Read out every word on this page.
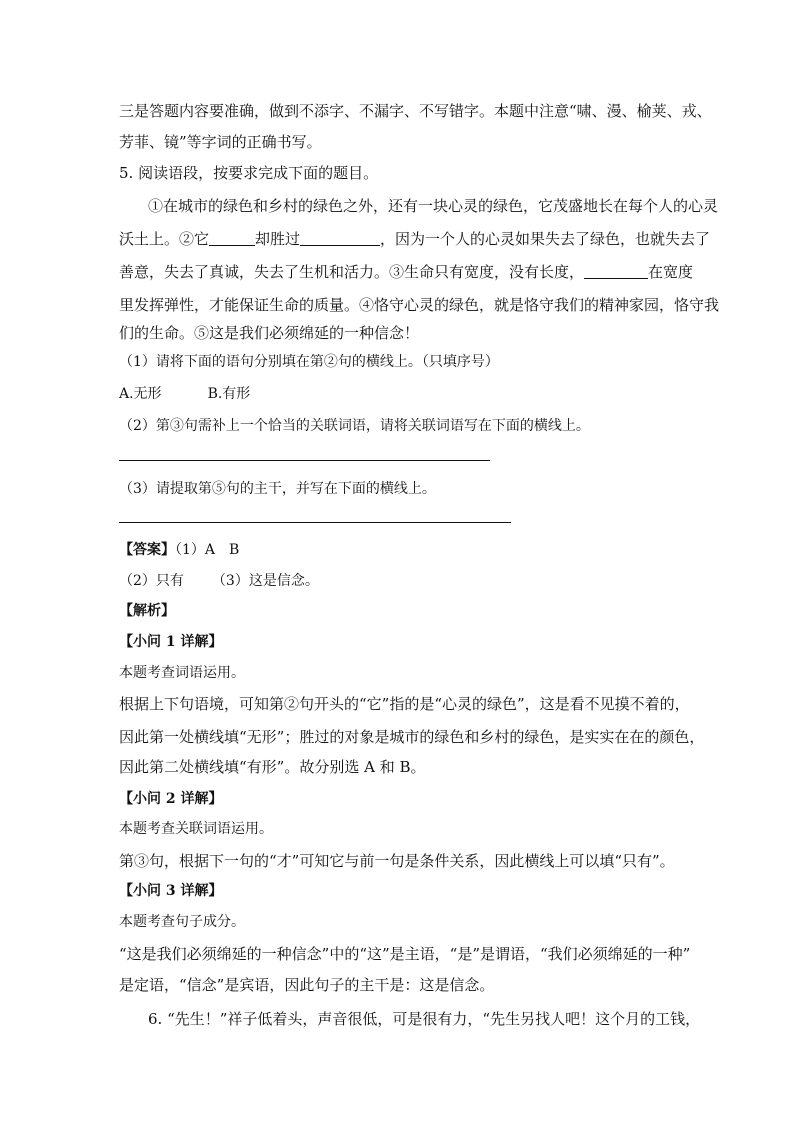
三是答题内容要准确，做到不添字、不漏字、不写错字。本题中注意“啸、漫、榆荚、戎、
芳菲、镜”等字词的正确书写。
5. 阅读语段，按要求完成下面的题目。
①在城市的绿色和乡村的绿色之外，还有一块心灵的绿色，它茂盛地长在每个人的心灵
沃土上。②它	却胜过	，因为一个人的心灵如果失去了绿色，也就失去了
善意，失去了真诚，失去了生机和活力。③生命只有宽度，没有长度，	在宽度
里发挥弹性，才能保证生命的质量。④恪守心灵的绿色，就是恪守我们的精神家园，恪守我
们的生命。⑤这是我们必须绵延的一种信念！
（1）请将下面的语句分别填在第②句的横线上。（只填序号）
A.无形	B.有形
（2）第③句需补上一个恰当的关联词语，请将关联词语写在下面的横线上。
（3）请提取第⑤句的主干，并写在下面的横线上。
【答案】（1）A　B
（2）只有 （3）这是信念。
【解析】
【小问 1 详解】
本题考查词语运用。
根据上下句语境，可知第②句开头的“它”指的是“心灵的绿色”，这是看不见摸不着的，
因此第一处横线填“无形”；胜过的对象是城市的绿色和乡村的绿色，是实实在在的颜色，
因此第二处横线填“有形”。故分别选 A 和 B。
【小问 2 详解】
本题考查关联词语运用。
第③句，根据下一句的“才”可知它与前一句是条件关系，因此横线上可以填“只有”。
【小问 3 详解】
本题考查句子成分。
“这是我们必须绵延的一种信念”中的“这”是主语，“是”是谓语，“我们必须绵延的一种”
是定语，“信念”是宾语，因此句子的主干是：这是信念。
6. “先生！”祥子低着头，声音很低，可是很有力，“先生另找人吧！这个月的工钱，
